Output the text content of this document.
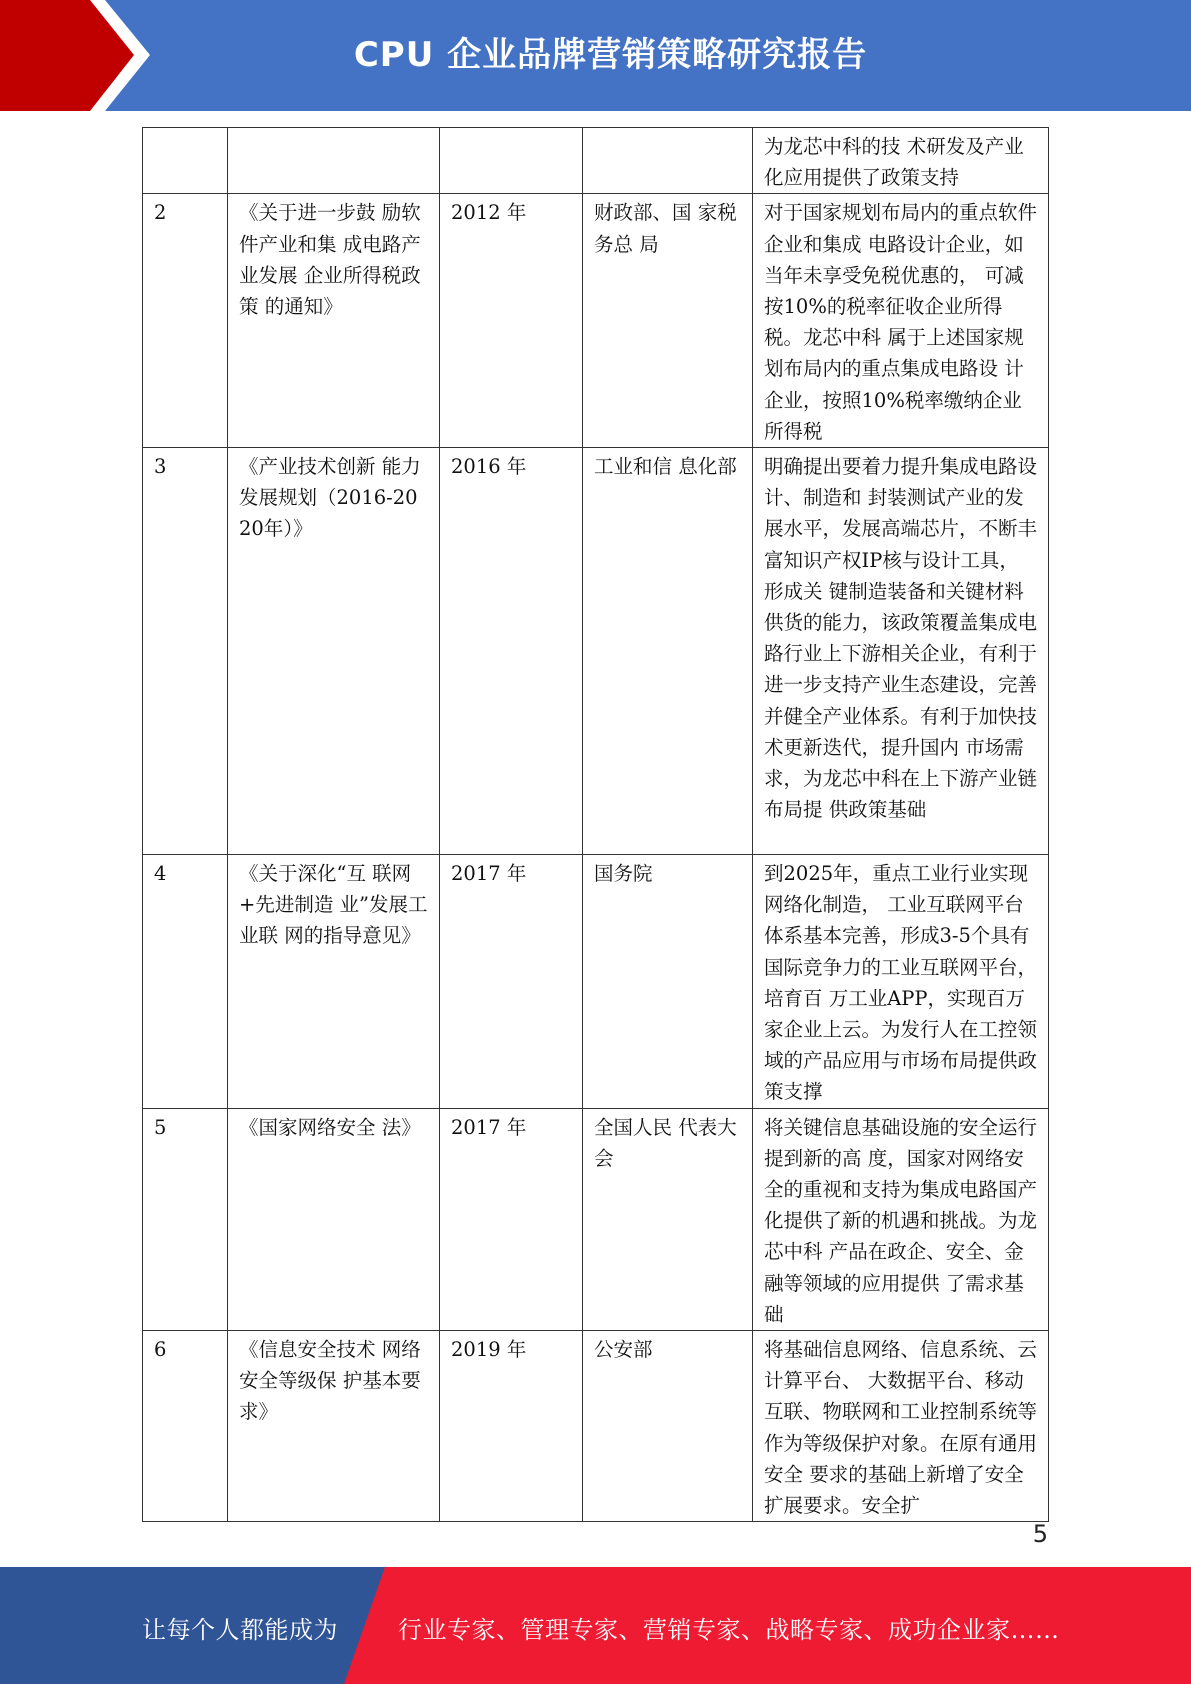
CPU 企业品牌营销策略研究报告
				为龙芯中科的技 术研发及产业化应用提供了政策支持
2	《关于进一步鼓 励软件产业和集 成电路产业发展 企业所得税政策 的通知》	2012 年	财政部、国 家税务总 局	对于国家规划布局内的重点软件企业和集成 电路设计企业，如当年未享受免税优惠的， 可减按10%的税率征收企业所得税。龙芯中科 属于上述国家规划布局内的重点集成电路设 计企业，按照10%税率缴纳企业所得税
3	《产业技术创新 能力发展规划（2016-2020年）》	2016 年	工业和信 息化部	明确提出要着力提升集成电路设计、制造和 封装测试产业的发展水平，发展高端芯片，不断丰富知识产权IP核与设计工具，形成关 键制造装备和关键材料供货的能力，该政策覆盖集成电路行业上下游相关企业，有利于 进一步支持产业生态建设，完善并健全产业体系。有利于加快技术更新迭代，提升国内 市场需求，为龙芯中科在上下游产业链布局提 供政策基础
4	《关于深化“互 联网+先进制造 业”发展工业联 网的指导意见》	2017 年	国务院	到2025年，重点工业行业实现网络化制造， 工业互联网平台体系基本完善，形成3-5个具有国际竞争力的工业互联网平台，培育百 万工业APP，实现百万家企业上云。为发行人在工控领域的产品应用与市场布局提供政 策支撑
5	《国家网络安全 法》	2017 年	全国人民 代表大会	将关键信息基础设施的安全运行提到新的高 度，国家对网络安全的重视和支持为集成电路国产化提供了新的机遇和挑战。为龙芯中科 产品在政企、安全、金融等领域的应用提供 了需求基础
6	《信息安全技术 网络安全等级保 护基本要求》	2019 年	公安部	将基础信息网络、信息系统、云计算平台、 大数据平台、移动互联、物联网和工业控制系统等作为等级保护对象。在原有通用安全 要求的基础上新增了安全扩展要求。安全扩
5
让每个人都能成为	行业专家、管理专家、营销专家、战略专家、成功企业家……
